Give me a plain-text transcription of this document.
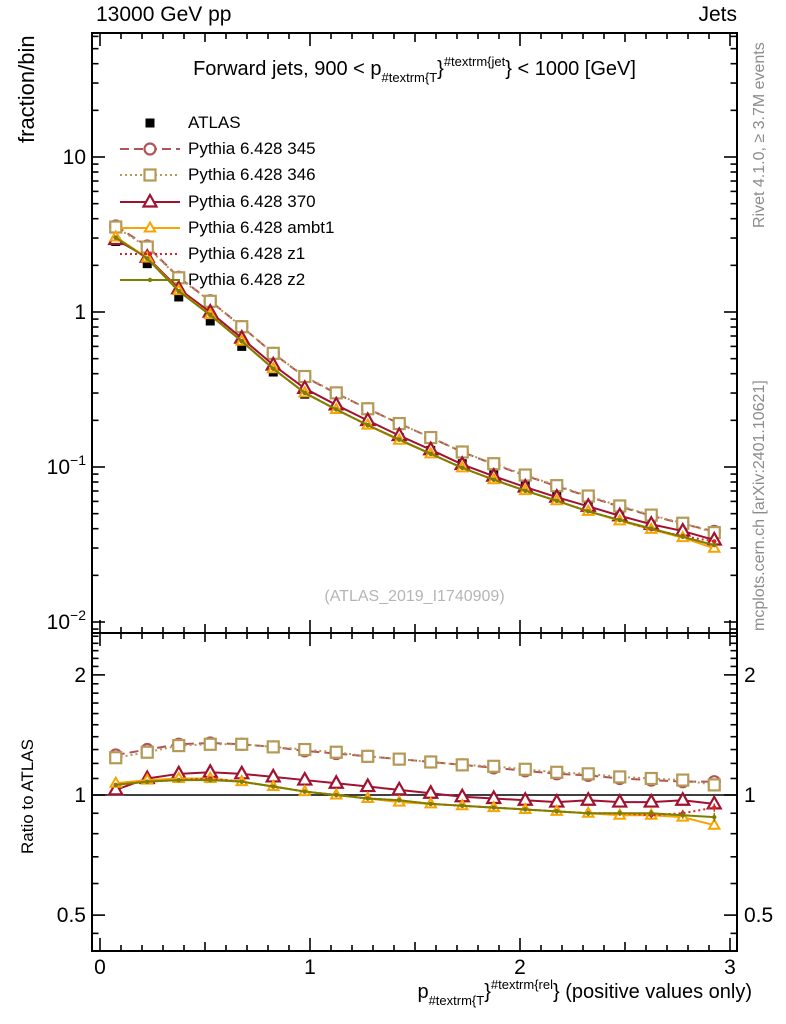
0	1	2	3
10
1
$10^{-1}$
$10^{-2}$
2	2
1	1
0.5	0.5
13000 GeV pp	Jets
Forward jets, $900 < p_{\#textrm\{T}\}^{\#textrm\{jet}\} < 1000$ [GeV]
ATLAS
Pythia 6.428 345
Pythia 6.428 346
Pythia 6.428 370
Pythia 6.428 ambt1
Pythia 6.428 z1
Pythia 6.428 z2
fraction/bin
Ratio to ATLAS
Rivet 4.1.0, ≥ 3.7M events
mcplots.cern.ch [arXiv:2401.10621]
(ATLAS_2019_I1740909)
$p_{\#textrm\{T}\}^{\#textrm\{rel}$} (positive values only)
